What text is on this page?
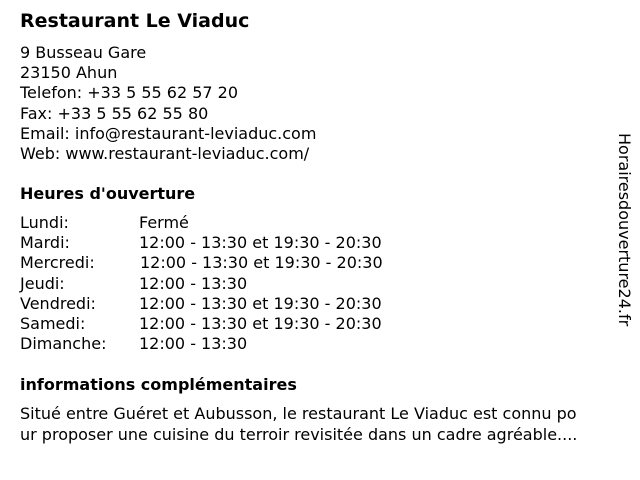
Restaurant Le Viaduc
9 Busseau Gare
23150 Ahun
Telefon: +33 5 55 62 57 20
Fax: +33 5 55 62 55 80
Email: info@restaurant-leviaduc.com
Web: www.restaurant-leviaduc.com/
Heures d'ouverture
Lundi:	Fermé
Mardi:	12:00 - 13:30 et 19:30 - 20:30
Mercredi:	12:00 - 13:30 et 19:30 - 20:30
Jeudi:	12:00 - 13:30
Vendredi:	12:00 - 13:30 et 19:30 - 20:30
Samedi:	12:00 - 13:30 et 19:30 - 20:30
Dimanche: 12:00 - 13:30
informations complémentaires
Situé entre Guéret et Aubusson, le restaurant Le Viaduc est connu po
ur proposer une cuisine du terroir revisitée dans un cadre agréable....
Horairesdouverture24.fr
